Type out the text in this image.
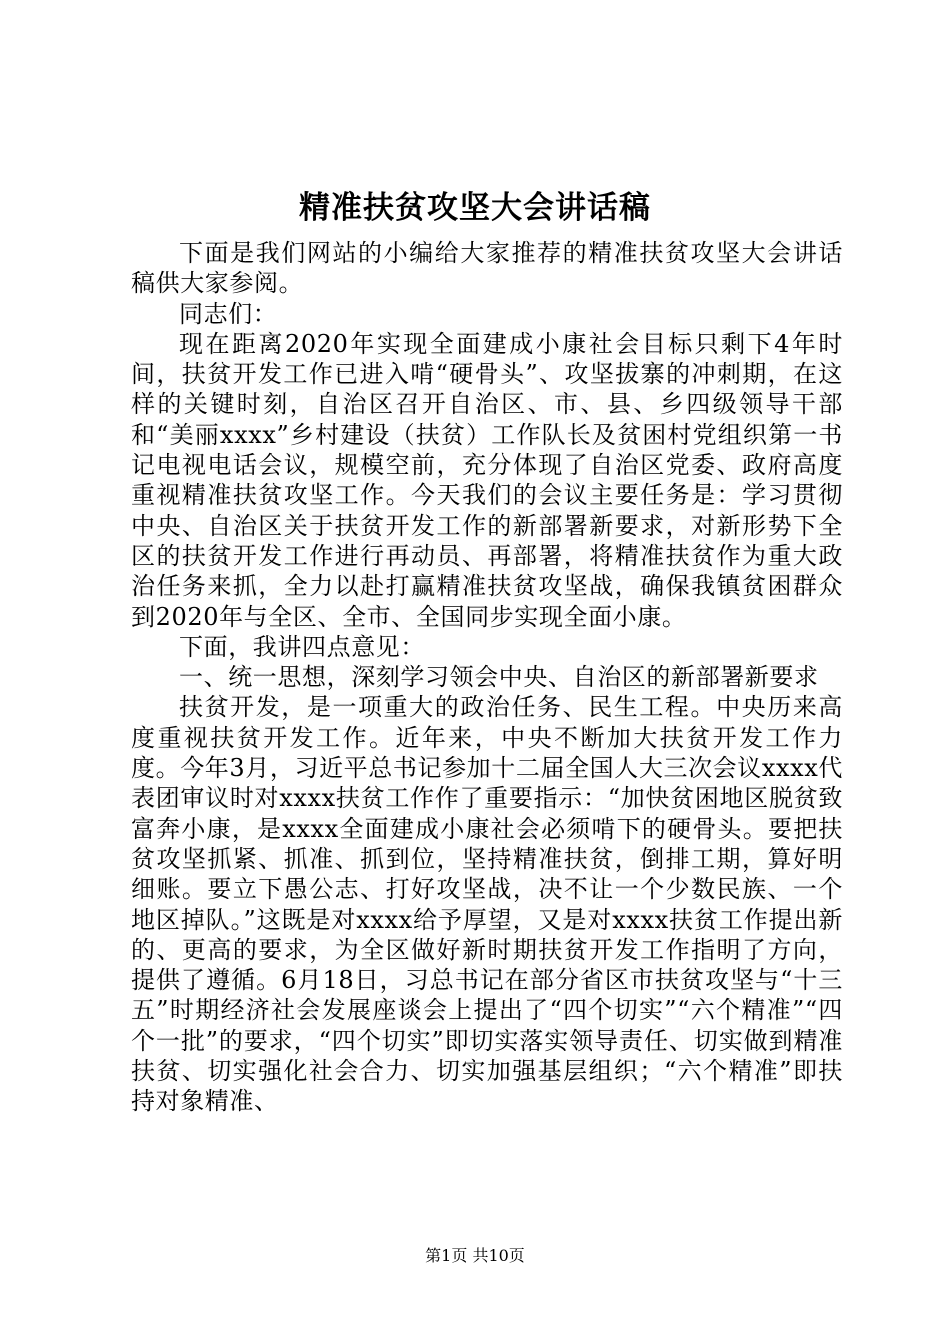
精准扶贫攻坚大会讲话稿

下面是我们网站的小编给大家推荐的精准扶贫攻坚大会讲话稿供大家参阅。

同志们：

现在距离2020年实现全面建成小康社会目标只剩下4年时间，扶贫开发工作已进入啃“硬骨头”、攻坚拔寨的冲刺期，在这样的关键时刻，自治区召开自治区、市、县、乡四级领导干部和“美丽xxxx”乡村建设（扶贫）工作队长及贫困村党组织第一书记电视电话会议，规模空前，充分体现了自治区党委、政府高度重视精准扶贫攻坚工作。今天我们的会议主要任务是：学习贯彻中央、自治区关于扶贫开发工作的新部署新要求，对新形势下全区的扶贫开发工作进行再动员、再部署，将精准扶贫作为重大政治任务来抓，全力以赴打赢精准扶贫攻坚战，确保我镇贫困群众到2020年与全区、全市、全国同步实现全面小康。

下面，我讲四点意见：

一、统一思想，深刻学习领会中央、自治区的新部署新要求

扶贫开发，是一项重大的政治任务、民生工程。中央历来高度重视扶贫开发工作。近年来，中央不断加大扶贫开发工作力度。今年3月，习近平总书记参加十二届全国人大三次会议xxxx代表团审议时对xxxx扶贫工作作了重要指示：“加快贫困地区脱贫致富奔小康，是xxxx全面建成小康社会必须啃下的硬骨头。要把扶贫攻坚抓紧、抓准、抓到位，坚持精准扶贫，倒排工期，算好明细账。要立下愚公志、打好攻坚战，决不让一个少数民族、一个地区掉队。”这既是对xxxx给予厚望，又是对xxxx扶贫工作提出新的、更高的要求，为全区做好新时期扶贫开发工作指明了方向，提供了遵循。6月18日，习总书记在部分省区市扶贫攻坚与“十三五”时期经济社会发展座谈会上提出了“四个切实”“六个精准”“四个一批”的要求，“四个切实”即切实落实领导责任、切实做到精准扶贫、切实强化社会合力、切实加强基层组织；“六个精准”即扶持对象精准、

第1页 共10页
